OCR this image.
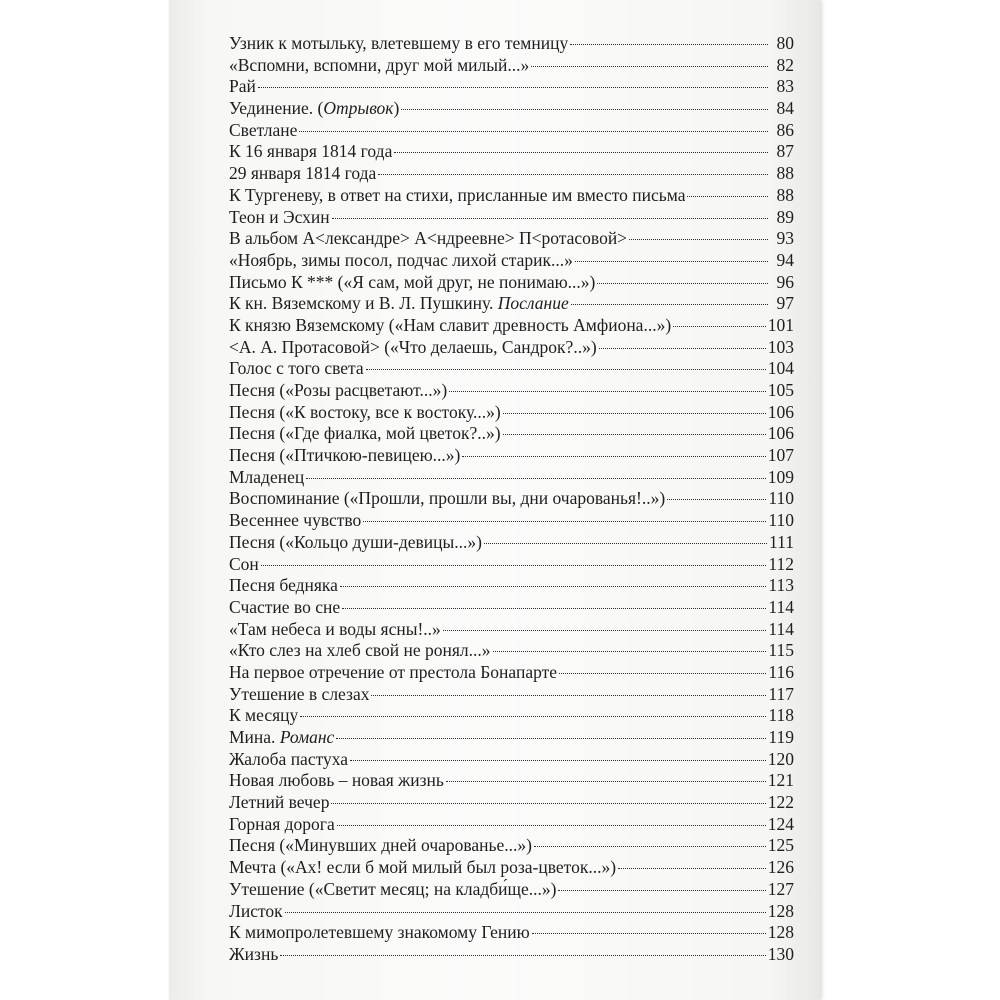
Узник к мотыльку, влетевшему в его темницу	80
«Вспомни, вспомни, друг мой милый...»	82
Рай	83
Уединение. (Отрывок)	84
Светлане	86
К 16 января 1814 года	87
29 января 1814 года	88
К Тургеневу, в ответ на стихи, присланные им вместо письма	88
Теон и Эсхин	89
В альбом А<лександре> А<ндреевне> П<ротасовой>	93
«Ноябрь, зимы посол, подчас лихой старик...»	94
Письмо К *** («Я сам, мой друг, не понимаю...»)	96
К кн. Вяземскому и В. Л. Пушкину. Послание	97
К князю Вяземскому («Нам славит древность Амфиона...»)	101
<А. А. Протасовой> («Что делаешь, Сандрок?..»)	103
Голос с того света	104
Песня («Розы расцветают...»)	105
Песня («К востоку, все к востоку...»)	106
Песня («Где фиалка, мой цветок?..»)	106
Песня («Птичкою-певицею...»)	107
Младенец	109
Воспоминание («Прошли, прошли вы, дни очарованья!..»)	110
Весеннее чувство	110
Песня («Кольцо души-девицы...»)	111
Сон	112
Песня бедняка	113
Счастие во сне	114
«Там небеса и воды ясны!..»	114
«Кто слез на хлеб свой не ронял...»	115
На первое отречение от престола Бонапарте	116
Утешение в слезах	117
К месяцу	118
Мина. Романс	119
Жалоба пастуха	120
Новая любовь – новая жизнь	121
Летний вечер	122
Горная дорога	124
Песня («Минувших дней очарованье...»)	125
Мечта («Ах! если б мой милый был роза-цветок...»)	126
Утешение («Светит месяц; на кладби́ще...»)	127
Листок	128
К мимопролетевшему знакомому Гению	128
Жизнь	130
